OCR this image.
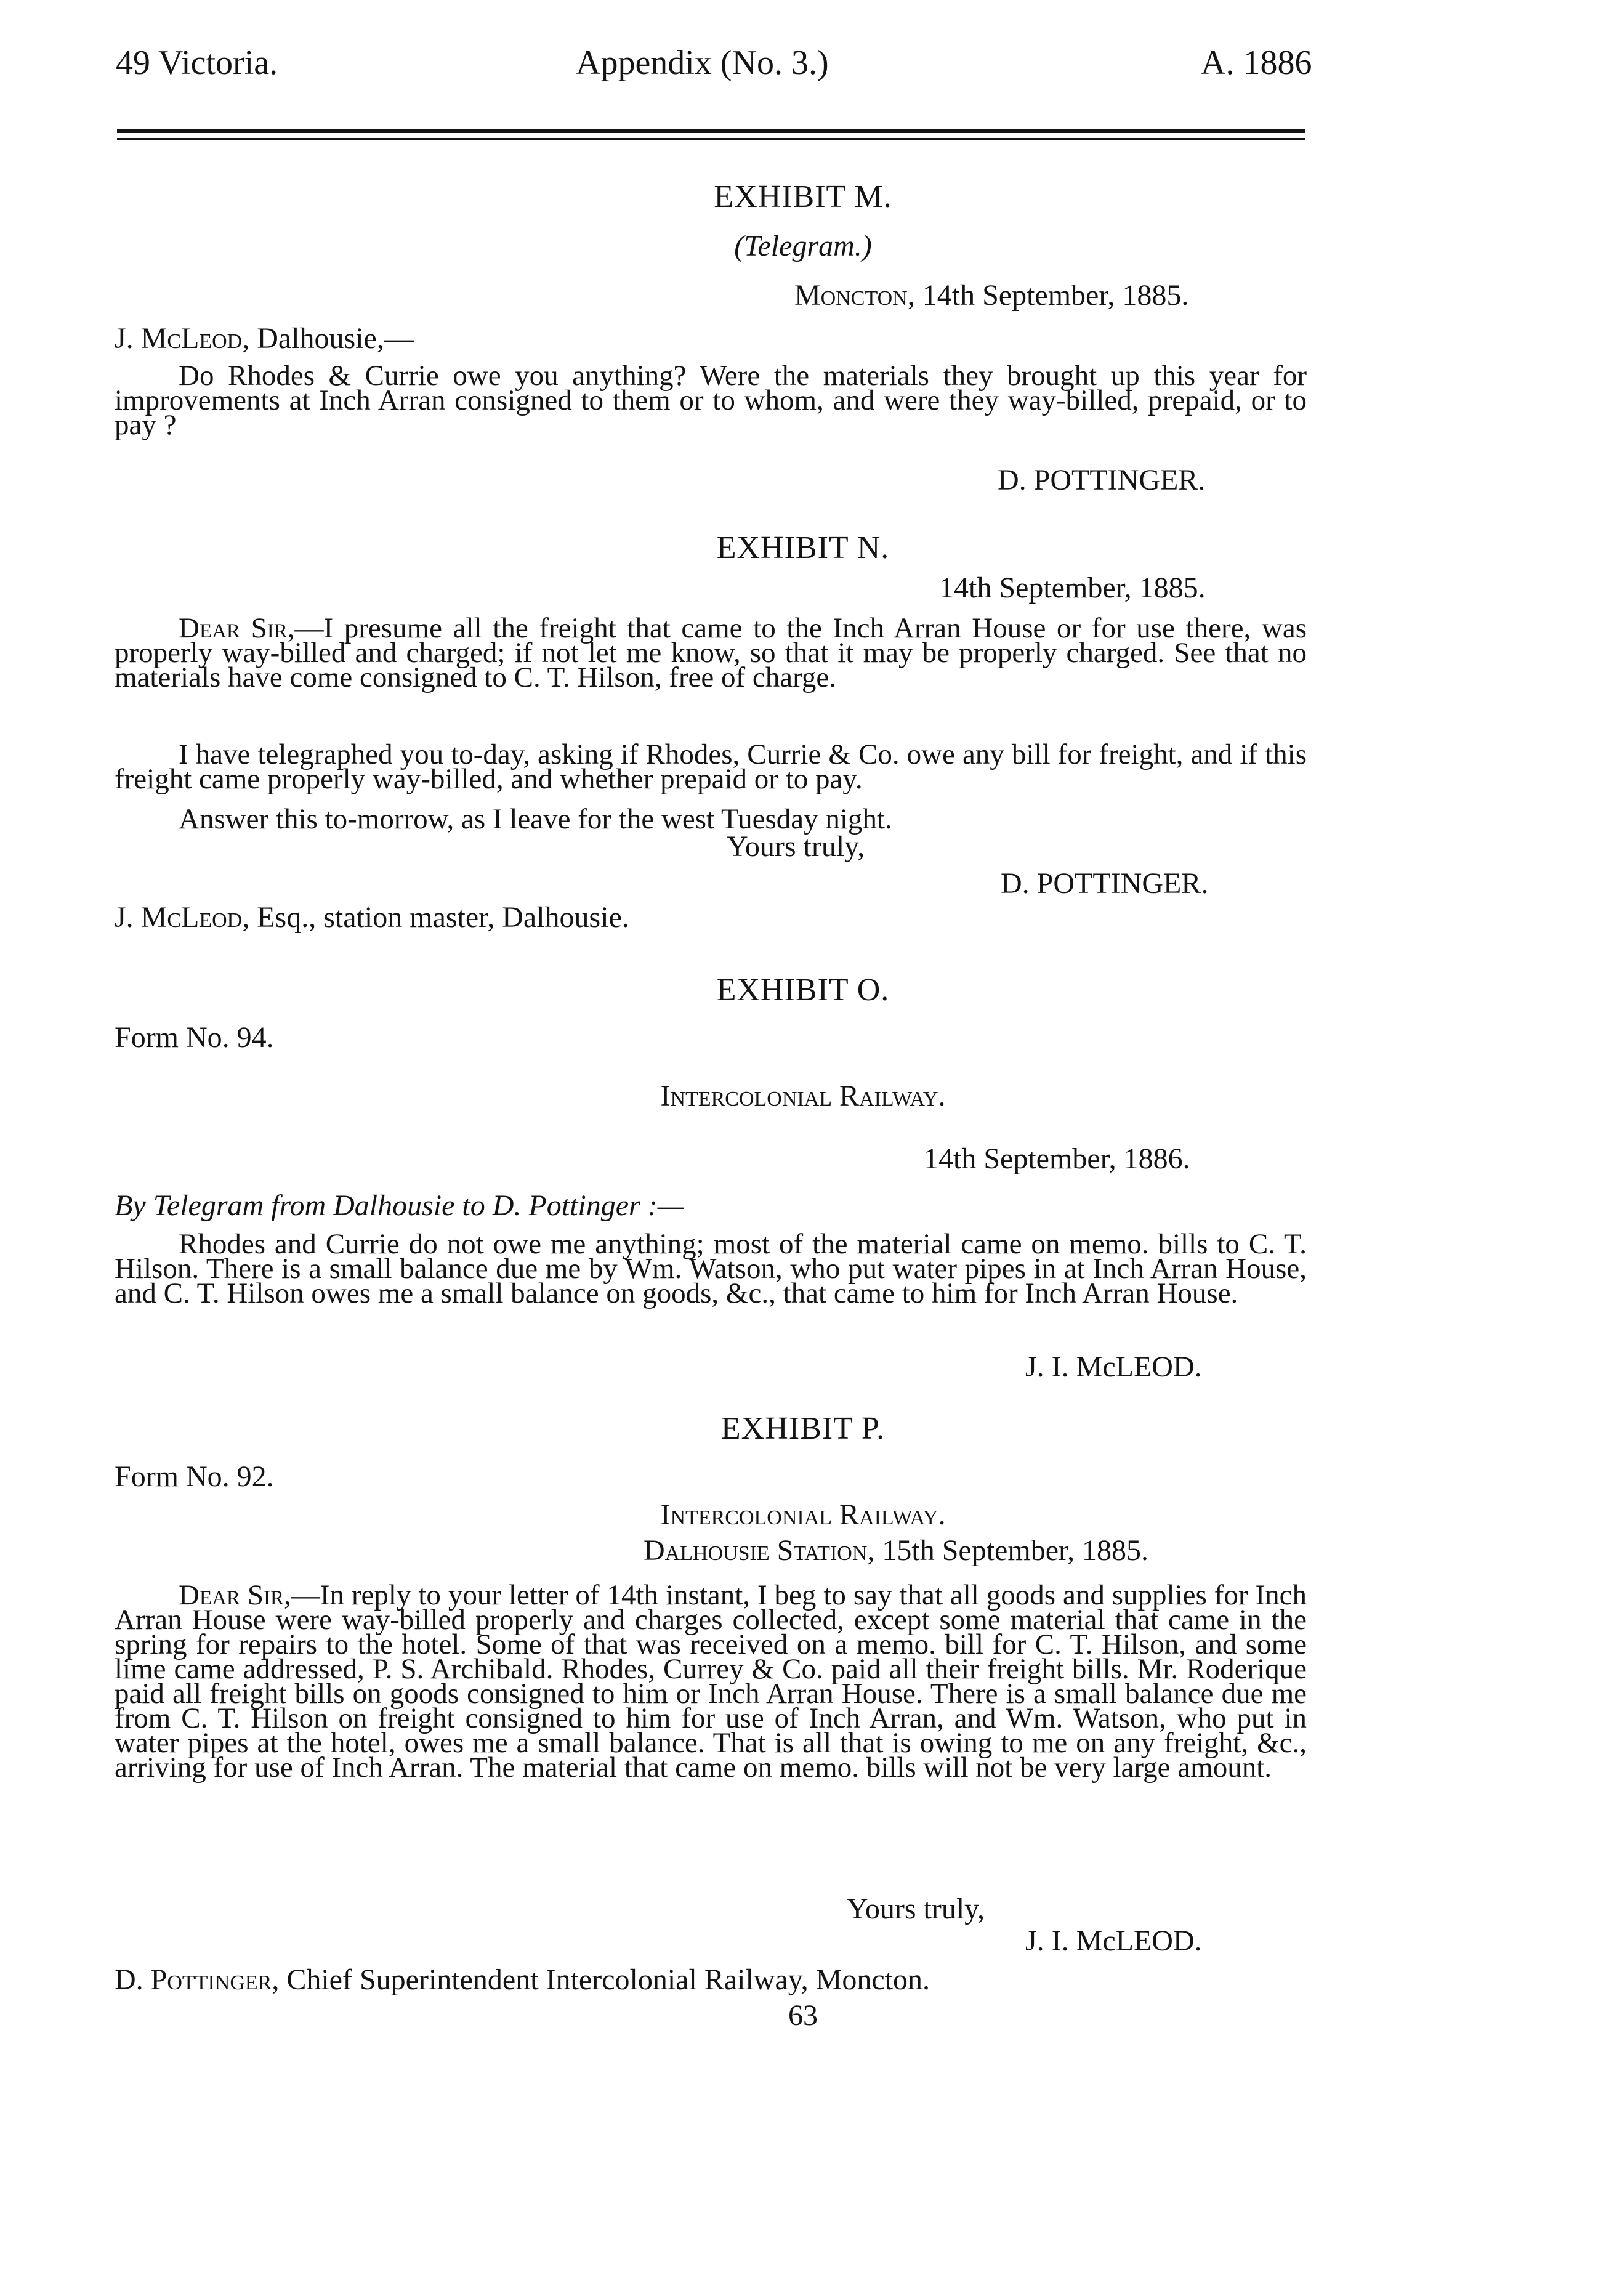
49 Victoria.	Appendix (No. 3.)	A. 1886
EXHIBIT M.
(Telegram.)
Moncton, 14th September, 1885.
J. McLeod, Dalhousie,—
Do Rhodes & Currie owe you anything? Were the materials they brought up this year for improvements at Inch Arran consigned to them or to whom, and were they way-billed, prepaid, or to pay ?
D. POTTINGER.
EXHIBIT N.
14th September, 1885.
Dear Sir,—I presume all the freight that came to the Inch Arran House or for use there, was properly way-billed and charged; if not let me know, so that it may be properly charged. See that no materials have come consigned to C. T. Hilson, free of charge.
I have telegraphed you to-day, asking if Rhodes, Currie & Co. owe any bill for freight, and if this freight came properly way-billed, and whether prepaid or to pay.
Answer this to-morrow, as I leave for the west Tuesday night.
Yours truly,
D. POTTINGER.
J. McLeod, Esq., station master, Dalhousie.
EXHIBIT O.
Form No. 94.
Intercolonial Railway.
14th September, 1886.
By Telegram from Dalhousie to D. Pottinger :—
Rhodes and Currie do not owe me anything; most of the material came on memo. bills to C. T. Hilson. There is a small balance due me by Wm. Watson, who put water pipes in at Inch Arran House, and C. T. Hilson owes me a small balance on goods, &c., that came to him for Inch Arran House.
J. I. McLEOD.
EXHIBIT P.
Form No. 92.
Intercolonial Railway.
Dalhousie Station, 15th September, 1885.
Dear Sir,—In reply to your letter of 14th instant, I beg to say that all goods and supplies for Inch Arran House were way-billed properly and charges collected, except some material that came in the spring for repairs to the hotel. Some of that was received on a memo. bill for C. T. Hilson, and some lime came addressed, P. S. Archibald. Rhodes, Currey & Co. paid all their freight bills. Mr. Roderique paid all freight bills on goods consigned to him or Inch Arran House. There is a small balance due me from C. T. Hilson on freight consigned to him for use of Inch Arran, and Wm. Watson, who put in water pipes at the hotel, owes me a small balance. That is all that is owing to me on any freight, &c., arriving for use of Inch Arran. The material that came on memo. bills will not be very large amount.
Yours truly,
J. I. McLEOD.
D. Pottinger, Chief Superintendent Intercolonial Railway, Moncton.
63
